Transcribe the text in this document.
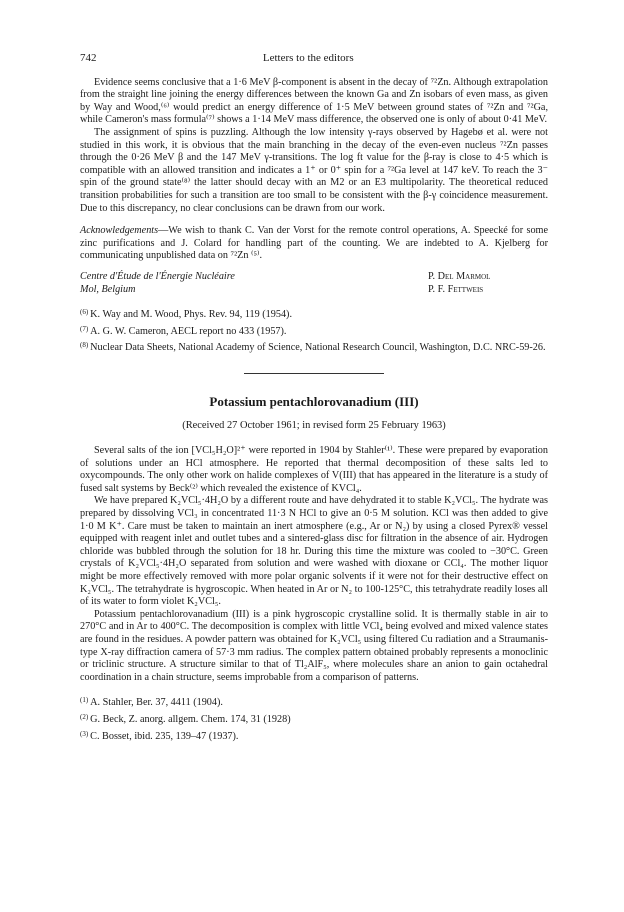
742	Letters to the editors

Evidence seems conclusive that a 1·6 MeV β-component is absent in the decay of ⁷²Zn. Although extrapolation from the straight line joining the energy differences between the known Ga and Zn isobars of even mass, as given by Way and Wood,⁽⁶⁾ would predict an energy difference of 1·5 MeV between ground states of ⁷²Zn and ⁷²Ga, while Cameron's mass formula⁽⁷⁾ shows a 1·14 MeV mass difference, the observed one is only of about 0·41 MeV.

The assignment of spins is puzzling. Although the low intensity γ-rays observed by Hagebø et al. were not studied in this work, it is obvious that the main branching in the decay of the even-even nucleus ⁷²Zn passes through the 0·26 MeV β and the 147 MeV γ-transitions. The log ft value for the β-ray is close to 4·5 which is compatible with an allowed transition and indicates a 1⁺ or 0⁺ spin for a ⁷²Ga level at 147 keV. To reach the 3⁻ spin of the ground state⁽⁸⁾ the latter should decay with an M2 or an E3 multipolarity. The theoretical reduced transition probabilities for such a transition are too small to be consistent with the β-γ coincidence measurement. Due to this discrepancy, no clear conclusions can be drawn from our work.

Acknowledgements—We wish to thank C. Van der Vorst for the remote control operations, A. Speecké for some zinc purifications and J. Colard for handling part of the counting. We are indebted to A. Kjelberg for communicating unpublished data on ⁷²Zn ⁽⁵⁾.

Centre d'Étude de l'Énergie Nucléaire
Mol, Belgium
P. Del Marmol
P. F. Fettweis
$^{(6)}$ K. Way and M. Wood, Phys. Rev. 94, 119 (1954).
$^{(7)}$ A. G. W. Cameron, AECL report no 433 (1957).
$^{(8)}$ Nuclear Data Sheets, National Academy of Science, National Research Council, Washington, D.C. NRC-59-26.
Potassium pentachlorovanadium (III)
(Received 27 October 1961; in revised form 25 February 1963)

Several salts of the ion [VCl₅H₂O]²⁺ were reported in 1904 by Stahler⁽¹⁾. These were prepared by evaporation of solutions under an HCl atmosphere. He reported that thermal decomposition of these salts led to oxycompounds. The only other work on halide complexes of V(III) that has appeared in the literature is a study of fused salt systems by Beck⁽²⁾ which revealed the existence of KVCl₄.

We have prepared K₂VCl₅·4H₂O by a different route and have dehydrated it to stable K₂VCl₅. The hydrate was prepared by dissolving VCl₃ in concentrated 11·3 N HCl to give an 0·5 M solution. KCl was then added to give 1·0 M K⁺. Care must be taken to maintain an inert atmosphere (e.g., Ar or N₂) by using a closed Pyrex® vessel equipped with reagent inlet and outlet tubes and a sintered-glass disc for filtration in the absence of air. Hydrogen chloride was bubbled through the solution for 18 hr. During this time the mixture was cooled to −30°C. Green crystals of K₂VCl₅·4H₂O separated from solution and were washed with dioxane or CCl₄. The mother liquor might be more effectively removed with more polar organic solvents if it were not for their destructive effect on K₂VCl₅. The tetrahydrate is hygroscopic. When heated in Ar or N₂ to 100-125°C, this tetrahydrate readily loses all of its water to form violet K₂VCl₅.

Potassium pentachlorovanadium (III) is a pink hygroscopic crystalline solid. It is thermally stable in air to 270°C and in Ar to 400°C. The decomposition is complex with little VCl₄ being evolved and mixed valence states are found in the residues. A powder pattern was obtained for K₂VCl₅ using filtered Cu radiation and a Straumanis-type X-ray diffraction camera of 57·3 mm radius. The complex pattern obtained probably represents a monoclinic or triclinic structure. A structure similar to that of Tl₂AlF₅, where molecules share an anion to gain octahedral coordination in a chain structure, seems improbable from a comparison of patterns.

$^{(1)}$ A. Stahler, Ber. 37, 4411 (1904).
$^{(2)}$ G. Beck, Z. anorg. allgem. Chem. 174, 31 (1928)
$^{(3)}$ C. Bosset, ibid. 235, 139–47 (1937).
